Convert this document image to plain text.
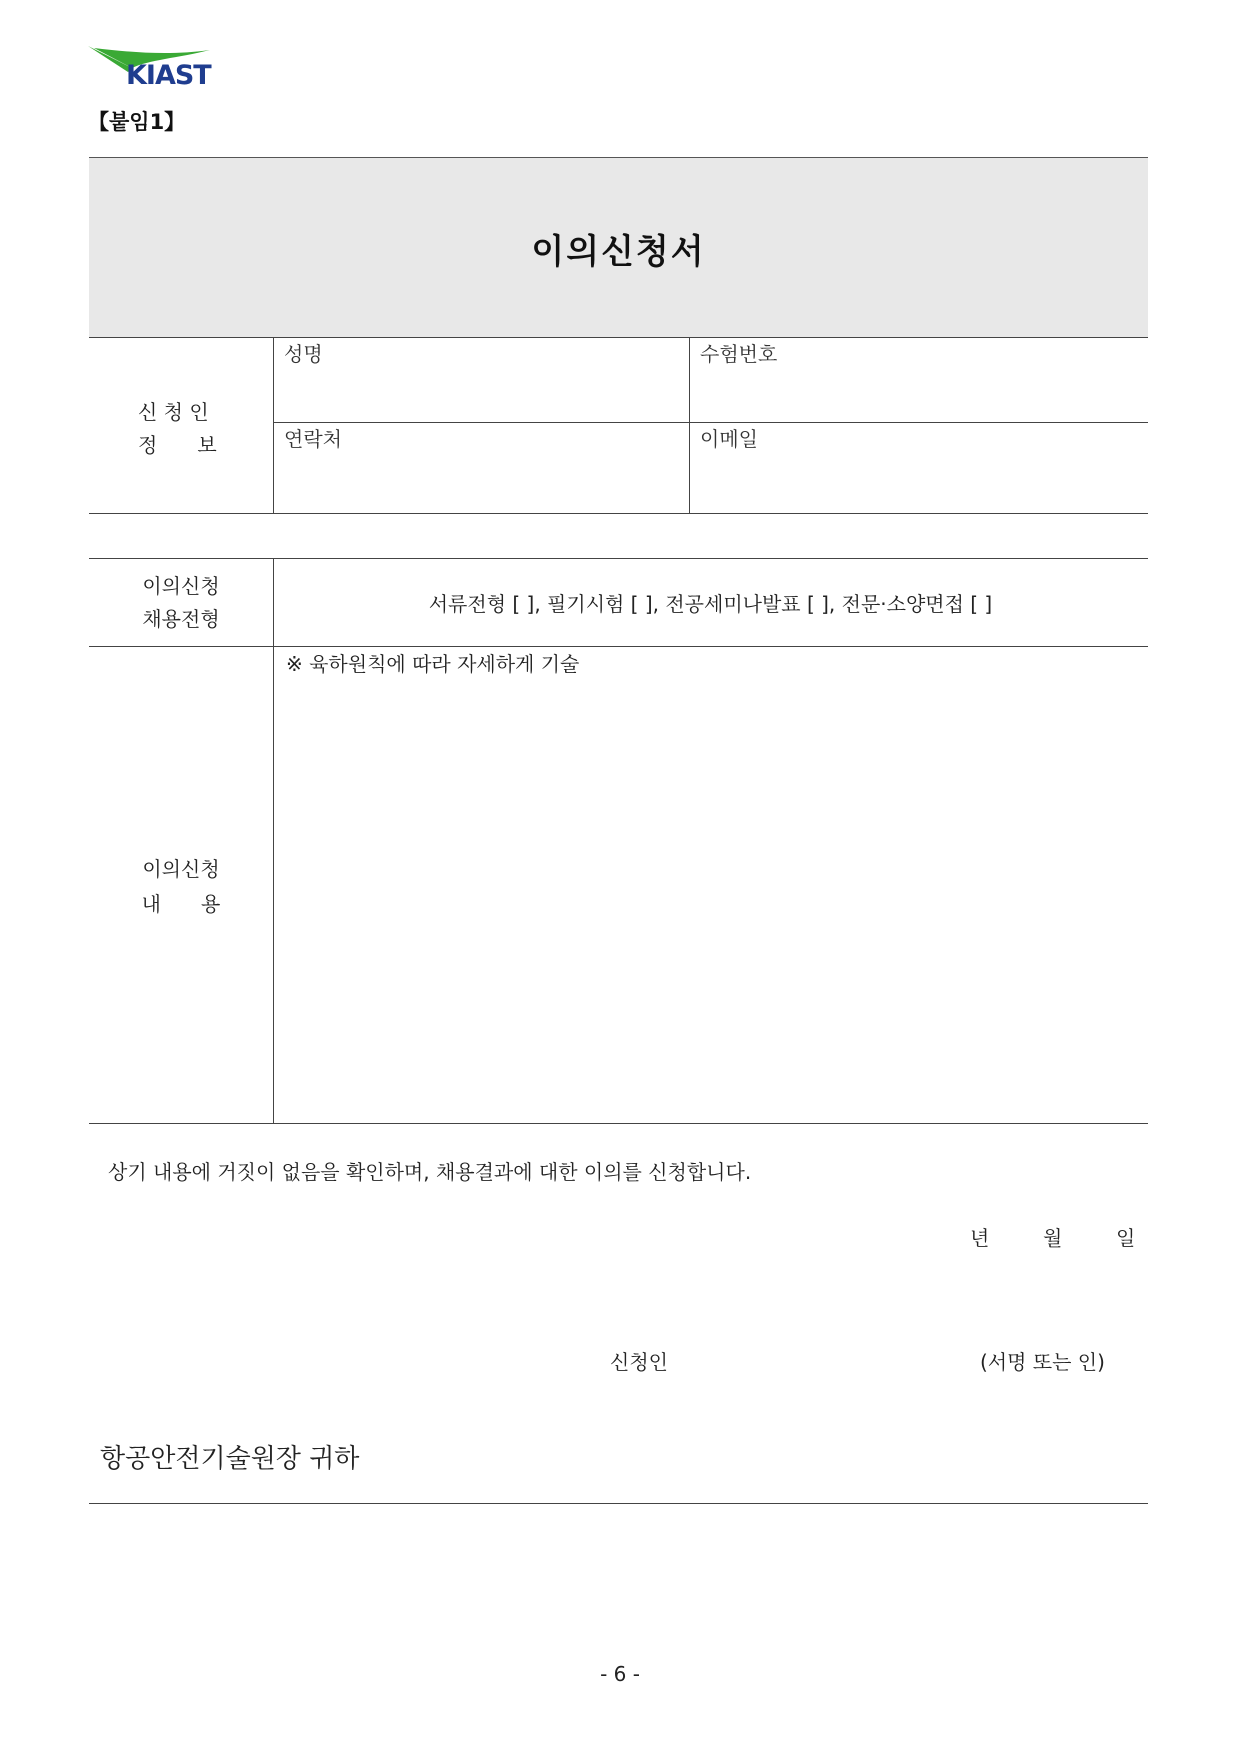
KIAST
【붙임1】
이의신청서
신 청 인
정　　보
성명	수험번호
연락처	이메일
이의신청
채용전형
서류전형 [ ], 필기시험 [ ], 전공세미나발표 [ ], 전문·소양면접 [ ]
이의신청
내　　용
※ 육하원칙에 따라 자세하게 기술
상기 내용에 거짓이 없음을 확인하며, 채용결과에 대한 이의를 신청합니다.
년	월	일
신청인	(서명 또는 인)
항공안전기술원장 귀하
- 6 -
